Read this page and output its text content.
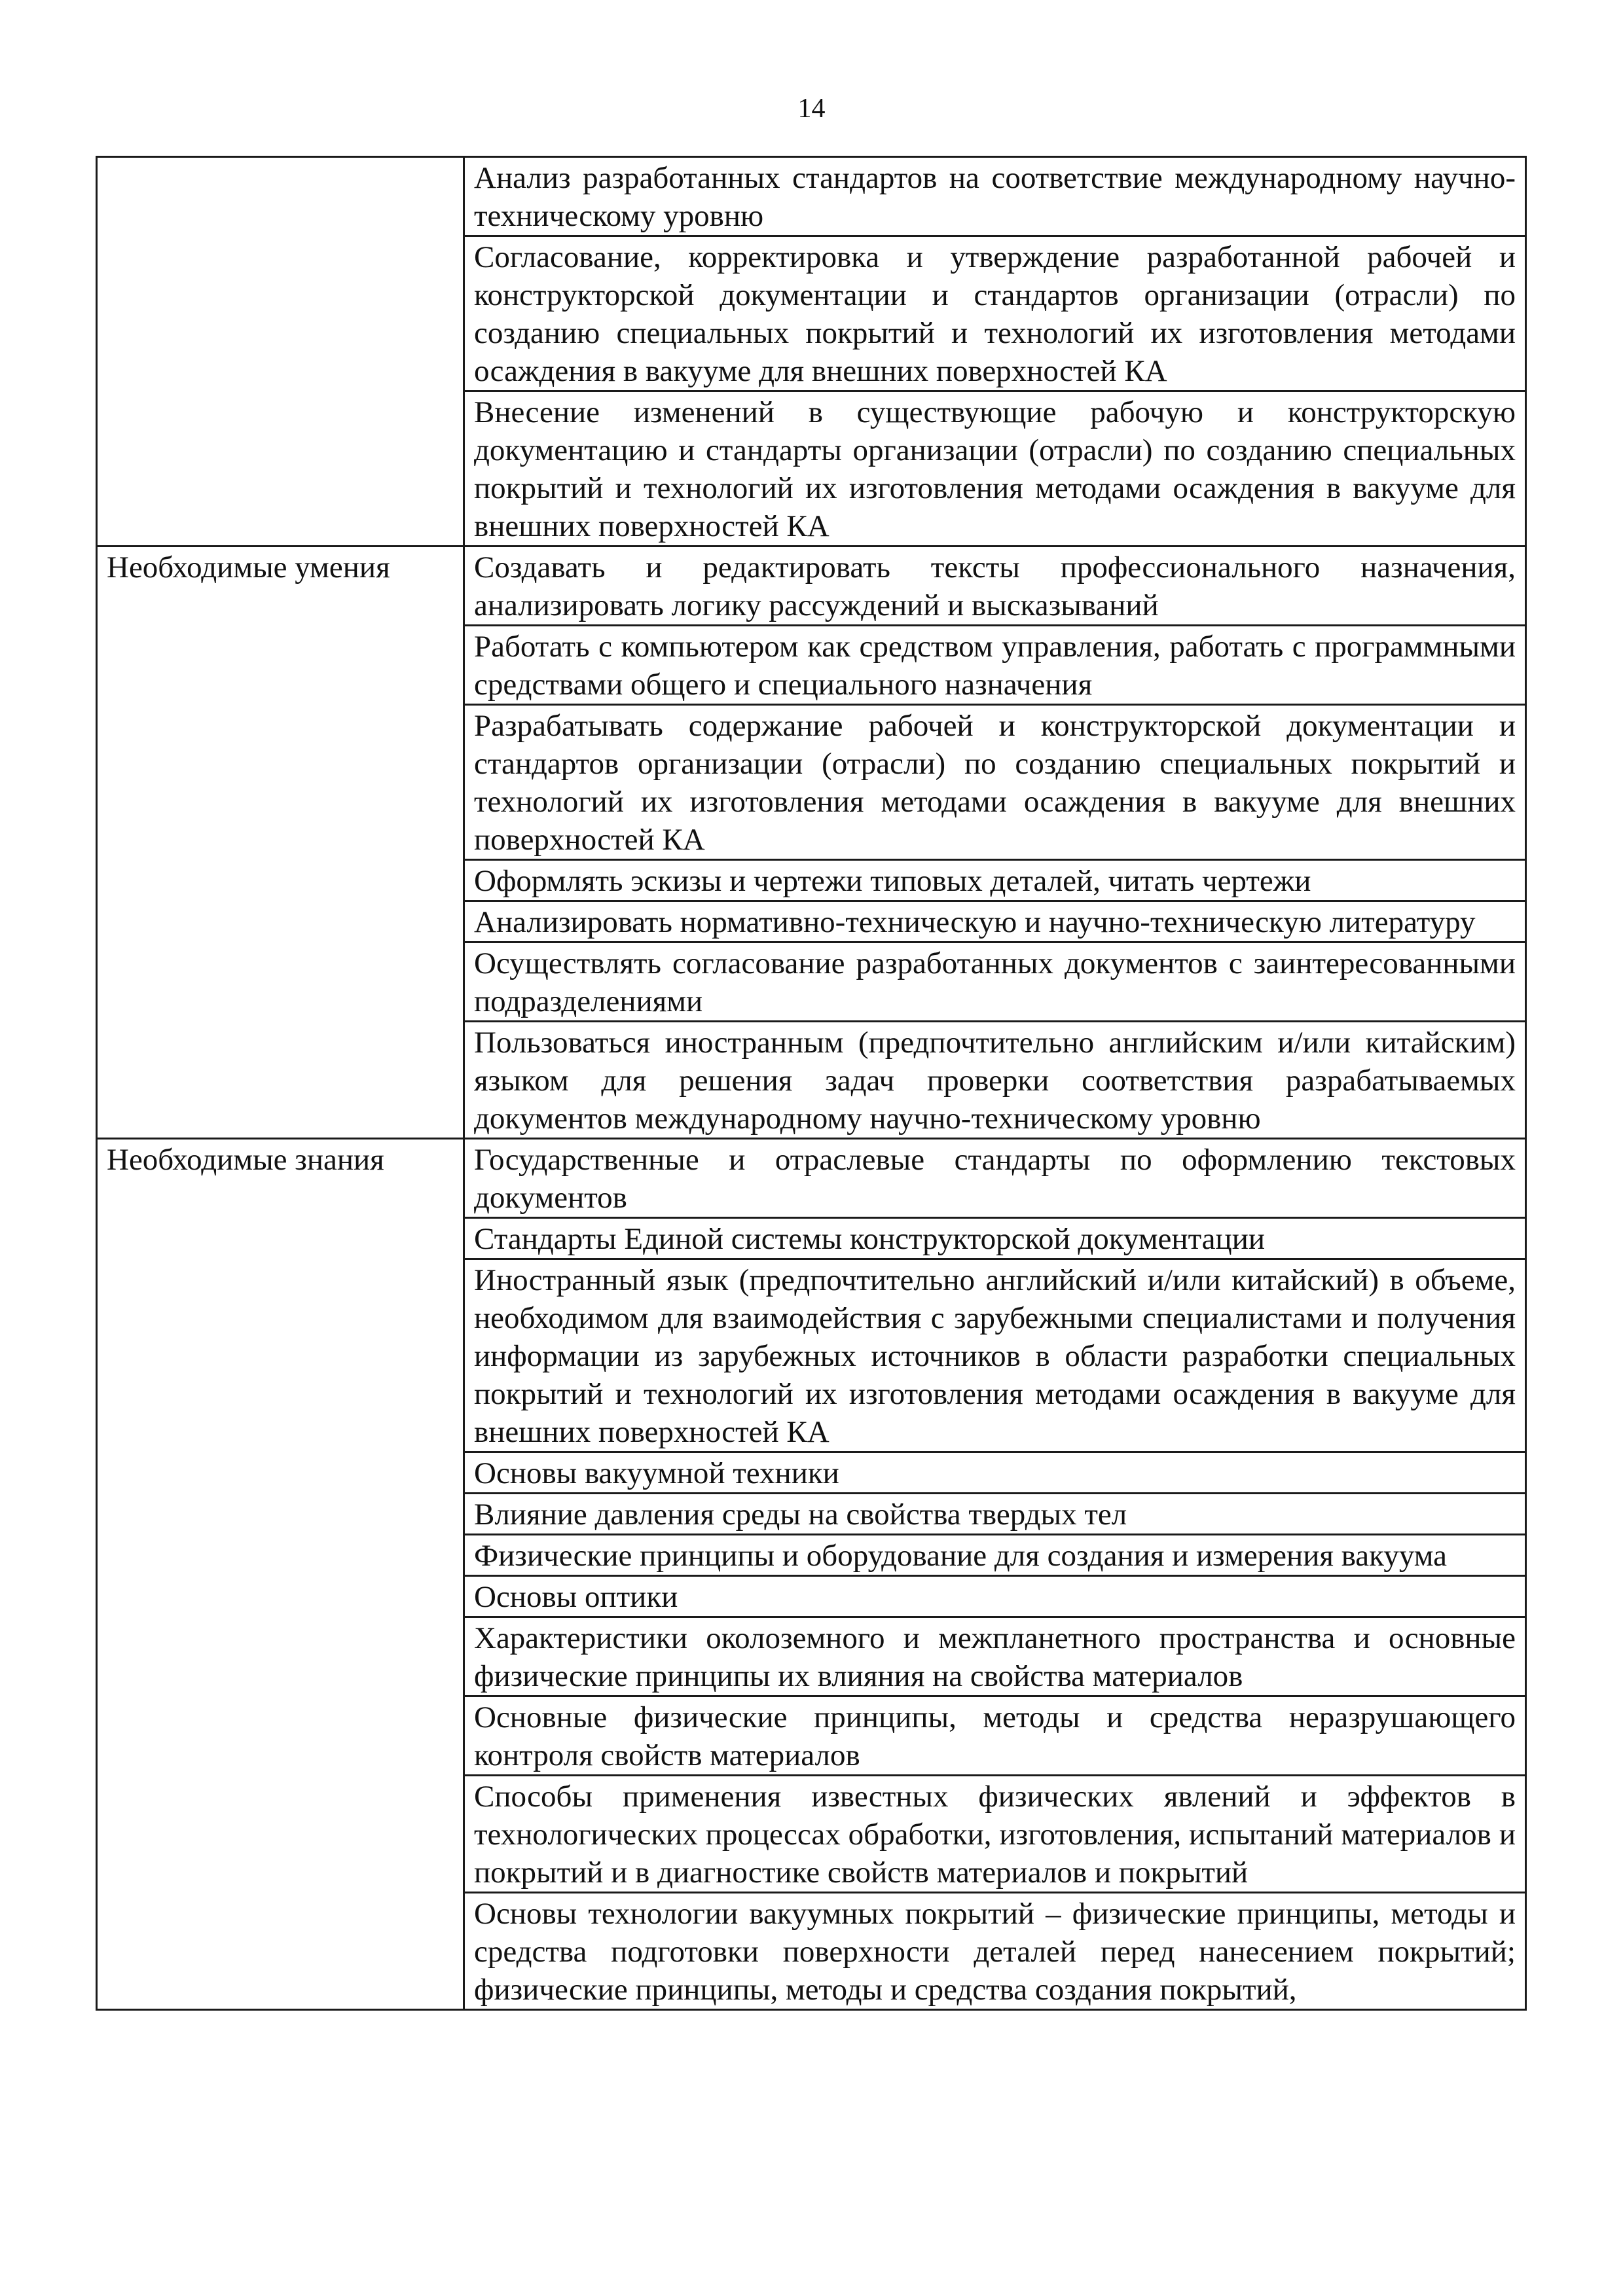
14
	Анализ разработанных стандартов на соответствие международному научно-техническому уровню
	Согласование, корректировка и утверждение разработанной рабочей и конструкторской документации и стандартов организации (отрасли) по созданию специальных покрытий и технологий их изготовления методами осаждения в вакууме для внешних поверхностей КА
	Внесение изменений в существующие рабочую и конструкторскую документацию и стандарты организации (отрасли) по созданию специальных покрытий и технологий их изготовления методами осаждения в вакууме для внешних поверхностей КА
Необходимые умения	Создавать и редактировать тексты профессионального назначения, анализировать логику рассуждений и высказываний
	Работать с компьютером как средством управления, работать с программными средствами общего и специального назначения
	Разрабатывать содержание рабочей и конструкторской документации и стандартов организации (отрасли) по созданию специальных покрытий и технологий их изготовления методами осаждения в вакууме для внешних поверхностей КА
	Оформлять эскизы и чертежи типовых деталей, читать чертежи
	Анализировать нормативно-техническую и научно-техническую литературу
	Осуществлять согласование разработанных документов с заинтересованными подразделениями
	Пользоваться иностранным (предпочтительно английским и/или китайским) языком для решения задач проверки соответствия разрабатываемых документов международному научно-техническому уровню
Необходимые знания	Государственные и отраслевые стандарты по оформлению текстовых документов
	Стандарты Единой системы конструкторской документации
	Иностранный язык (предпочтительно английский и/или китайский) в объеме, необходимом для взаимодействия с зарубежными специалистами и получения информации из зарубежных источников в области разработки специальных покрытий и технологий их изготовления методами осаждения в вакууме для внешних поверхностей КА
	Основы вакуумной техники
	Влияние давления среды на свойства твердых тел
	Физические принципы и оборудование для создания и измерения вакуума
	Основы оптики
	Характеристики околоземного и межпланетного пространства и основные физические принципы их влияния на свойства материалов
	Основные физические принципы, методы и средства неразрушающего контроля свойств материалов
	Способы применения известных физических явлений и эффектов в технологических процессах обработки, изготовления, испытаний материалов и покрытий и в диагностике свойств материалов и покрытий
	Основы технологии вакуумных покрытий – физические принципы, методы и средства подготовки поверхности деталей перед нанесением покрытий; физические принципы, методы и средства создания покрытий,
